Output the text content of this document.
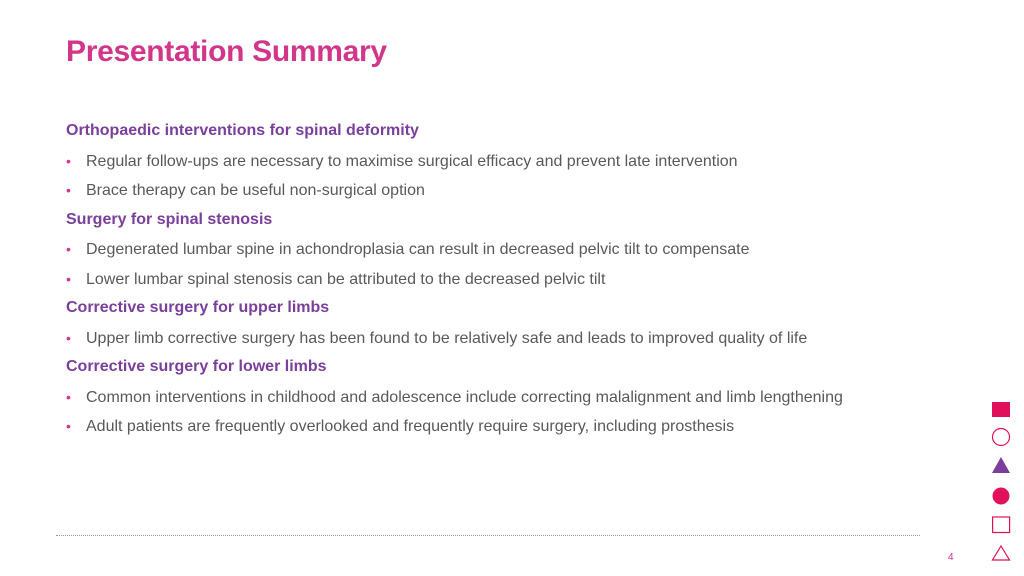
Presentation Summary
Orthopaedic interventions for spinal deformity
• Regular follow-ups are necessary to maximise surgical efficacy and prevent late intervention
• Brace therapy can be useful non-surgical option
Surgery for spinal stenosis
• Degenerated lumbar spine in achondroplasia can result in decreased pelvic tilt to compensate
• Lower lumbar spinal stenosis can be attributed to the decreased pelvic tilt
Corrective surgery for upper limbs
• Upper limb corrective surgery has been found to be relatively safe and leads to improved quality of life
Corrective surgery for lower limbs
• Common interventions in childhood and adolescence include correcting malalignment and limb lengthening
• Adult patients are frequently overlooked and frequently require surgery, including prosthesis
4
